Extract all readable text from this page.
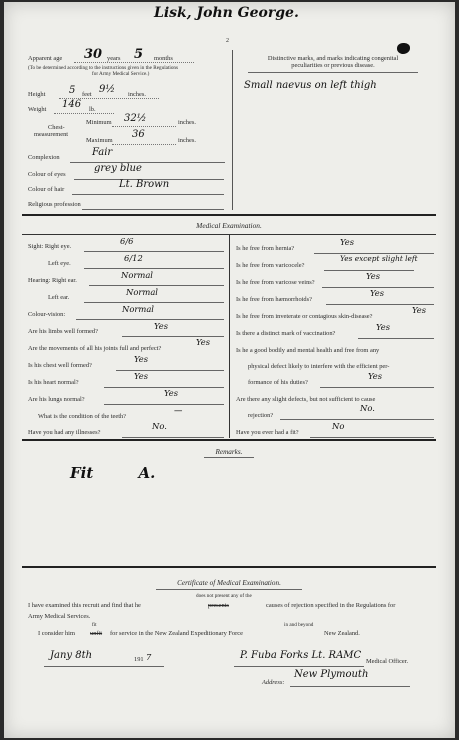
Lisk, John George.
2
Apparent age 30 years 5 months
(To be determined according to the instructions given in the Regulations
for Army Medical Service.)
Height 5 feet 9½ inches.
Weight 146 lb.
Chest-
measurement
Minimum 32½	inches.
Maximum
36
inches.
Complexion	Fair
Colour of eyes
grey blue
Colour of hair	Lt. Brown
Religious profession
Distinctive marks, and marks indicating congenital
peculiarities or previous disease.
Small naevus on left thigh
Medical Examination.
Sight: Right eye.
6/6
Left eye.
6/12
Hearing: Right ear.
Normal
Left ear.
Normal
Colour-vision:
Normal
Are his limbs well formed?
Yes
Are the movements of all his joints full and perfect?
Yes
Is his chest well formed?
Yes
Is his heart normal?
Yes
Are his lungs normal?
Yes
What is the condition of the teeth?
—
Have you had any illnesses?
No.
Is he free from hernia?
Yes
Is he free from varicocele?
Yes except slight left
Is he free from varicose veins?
Yes
Is he free from hæmorrhoids?
Yes
Is he free from inveterate or contagious skin-disease?
Yes
Is there a distinct mark of vaccination?
Yes
Is he a good bodily and mental health and free from any
physical defect likely to interfere with the efficient per-
formance of his duties?
Yes
Are there any slight defects, but not sufficient to cause
rejection?
No.
Have you ever had a fit?
No
Remarks.
Fit A.
Certificate of Medical Examination.
I have examined this recruit and find that he
does not present any of the
presents	causes of rejection specified in the Regulations for
Army Medical Services.
I consider him
fit
unfit for service in the New Zealand Expeditionary Force
in and beyond
New Zealand.
Jany 8th	191 7	P. Fuba Forks Lt. RAMC
Medical Officer.
Address:
New Plymouth
